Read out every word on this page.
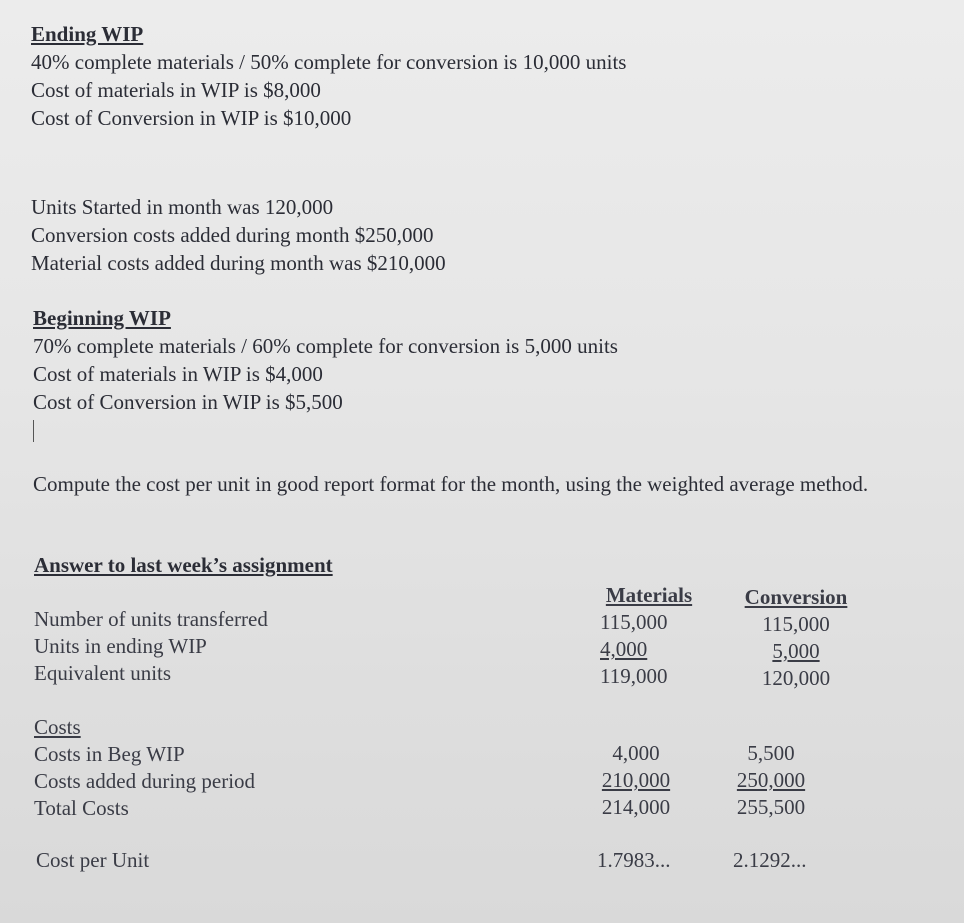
Ending WIP
40% complete materials / 50% complete for conversion is 10,000 units
Cost of materials in WIP is $8,000
Cost of Conversion in WIP is $10,000
Units Started in month was 120,000
Conversion costs added during month $250,000
Material costs added during month was $210,000
Beginning WIP
70% complete materials / 60% complete for conversion is 5,000 units
Cost of materials in WIP is $4,000
Cost of Conversion in WIP is $5,500
Compute the cost per unit in good report format for the month, using the weighted average method.
Answer to last week’s assignment
Number of units transferred
Units in ending WIP
Equivalent units
Materials
115,000
4,000
119,000
Conversion
115,000
5,000
120,000
Costs
Costs in Beg WIP
Costs added during period
Total Costs
4,000
210,000
214,000
5,500
250,000
255,500
Cost per Unit	1.7983...	2.1292...
